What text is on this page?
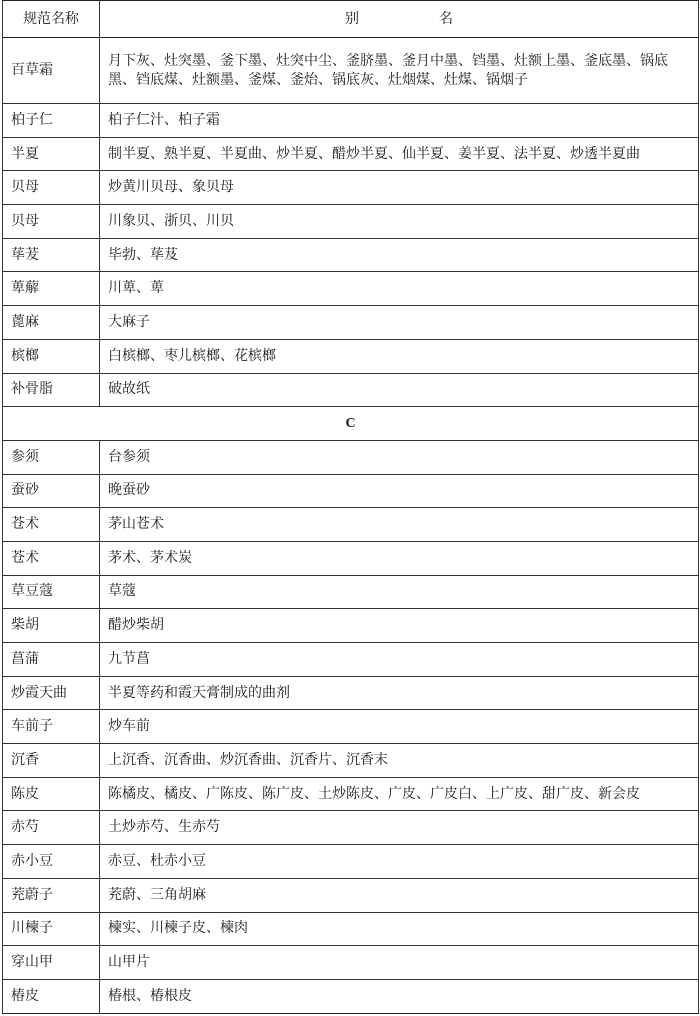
规范名称	别 名
百草霜	月下灰、灶突墨、釜下墨、灶突中尘、釜脐墨、釜月中墨、铛墨、灶额上墨、釜底墨、锅底黑、铛底煤、灶额墨、釜煤、釜炲、锅底灰、灶烟煤、灶煤、锅烟子
柏子仁	柏子仁汁、柏子霜
半夏	制半夏、熟半夏、半夏曲、炒半夏、醋炒半夏、仙半夏、姜半夏、法半夏、炒透半夏曲
贝母	炒黄川贝母、象贝母
贝母	川象贝、浙贝、川贝
荜茇	毕勃、荜芨
萆薢	川萆、萆
蓖麻	大麻子
槟榔	白槟榔、枣儿槟榔、花槟榔
补骨脂	破故纸
C	
参须	台参须
蚕砂	晚蚕砂
苍术	茅山苍术
苍术	茅术、茅术炭
草豆蔻	草蔻
柴胡	醋炒柴胡
菖蒲	九节菖
炒霞天曲	半夏等药和霞天膏制成的曲剂
车前子	炒车前
沉香	上沉香、沉香曲、炒沉香曲、沉香片、沉香末
陈皮	陈橘皮、橘皮、广陈皮、陈广皮、土炒陈皮、广皮、广皮白、上广皮、甜广皮、新会皮
赤芍	土炒赤芍、生赤芍
赤小豆	赤豆、杜赤小豆
茺蔚子	茺蔚、三角胡麻
川楝子	楝实、川楝子皮、楝肉
穿山甲	山甲片
椿皮	椿根、椿根皮
